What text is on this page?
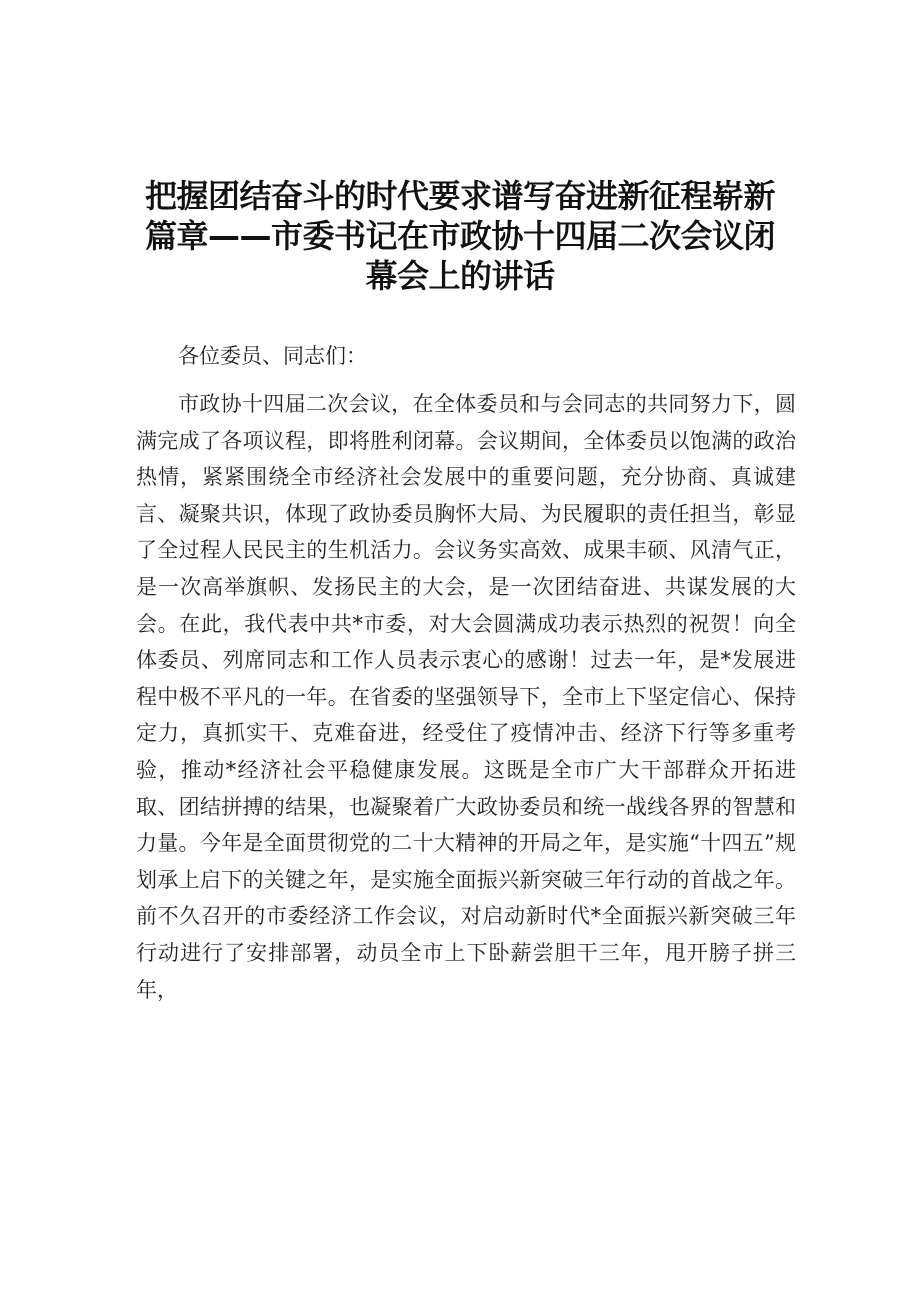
把握团结奋斗的时代要求谱写奋进新征程崭新篇章——市委书记在市政协十四届二次会议闭幕会上的讲话

各位委员、同志们：

市政协十四届二次会议，在全体委员和与会同志的共同努力下，圆满完成了各项议程，即将胜利闭幕。会议期间，全体委员以饱满的政治热情，紧紧围绕全市经济社会发展中的重要问题，充分协商、真诚建言、凝聚共识，体现了政协委员胸怀大局、为民履职的责任担当，彰显了全过程人民民主的生机活力。会议务实高效、成果丰硕、风清气正，是一次高举旗帜、发扬民主的大会，是一次团结奋进、共谋发展的大会。在此，我代表中共*市委，对大会圆满成功表示热烈的祝贺！向全体委员、列席同志和工作人员表示衷心的感谢！过去一年，是*发展进程中极不平凡的一年。在省委的坚强领导下，全市上下坚定信心、保持定力，真抓实干、克难奋进，经受住了疫情冲击、经济下行等多重考验，推动*经济社会平稳健康发展。这既是全市广大干部群众开拓进取、团结拼搏的结果，也凝聚着广大政协委员和统一战线各界的智慧和力量。今年是全面贯彻党的二十大精神的开局之年，是实施“十四五”规划承上启下的关键之年，是实施全面振兴新突破三年行动的首战之年。前不久召开的市委经济工作会议，对启动新时代*全面振兴新突破三年行动进行了安排部署，动员全市上下卧薪尝胆干三年，甩开膀子拼三年，
